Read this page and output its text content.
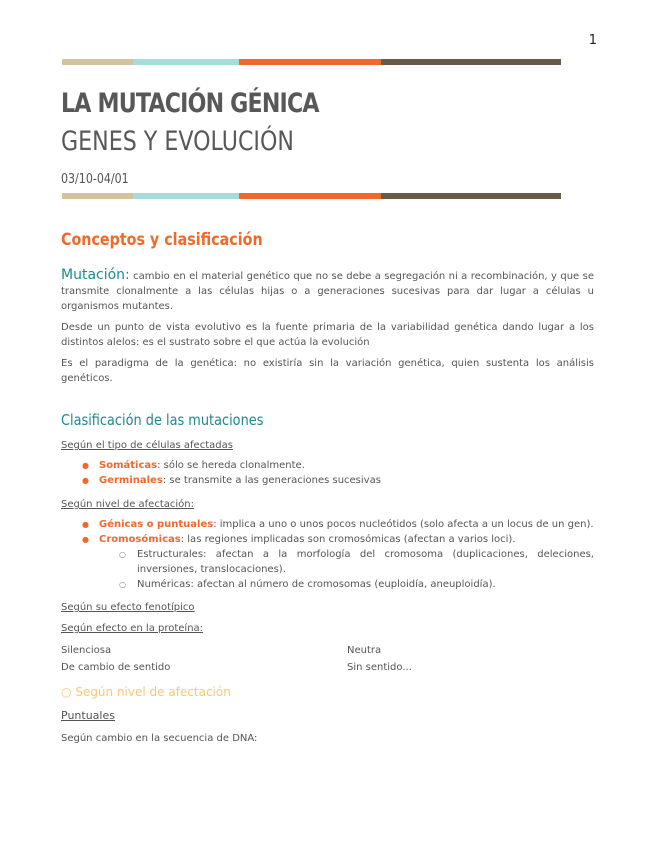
1
LA MUTACIÓN GÉNICA
GENES Y EVOLUCIÓN
03/10-04/01
Conceptos y clasificación

Mutación: cambio en el material genético que no se debe a segregación ni a recombinación, y que se transmite clonalmente a las células hijas o a generaciones sucesivas para dar lugar a células u organismos mutantes.

Desde un punto de vista evolutivo es la fuente primaria de la variabilidad genética dando lugar a los distintos alelos: es el sustrato sobre el que actúa la evolución

Es el paradigma de la genética: no existiría sin la variación genética, quien sustenta los análisis genéticos.

Clasificación de las mutaciones

Según el tipo de células afectadas

● Somáticas: sólo se hereda clonalmente.
● Germinales: se transmite a las generaciones sucesivas

Según nivel de afectación:

● Génicas o puntuales: implica a uno o unos pocos nucleótidos (solo afecta a un locus de un gen).
● Cromosómicas: las regiones implicadas son cromosómicas (afectan a varios loci).
○ Estructurales: afectan a la morfología del cromosoma (duplicaciones, deleciones, inversiones, translocaciones).
○ Numéricas: afectan al número de cromosomas (euploidía, aneuploidía).

Según su efecto fenotípico

Según efecto en la proteína:

Silenciosa	Neutra
De cambio de sentido	Sin sentido...

○ Según nivel de afectación

Puntuales

Según cambio en la secuencia de DNA:
